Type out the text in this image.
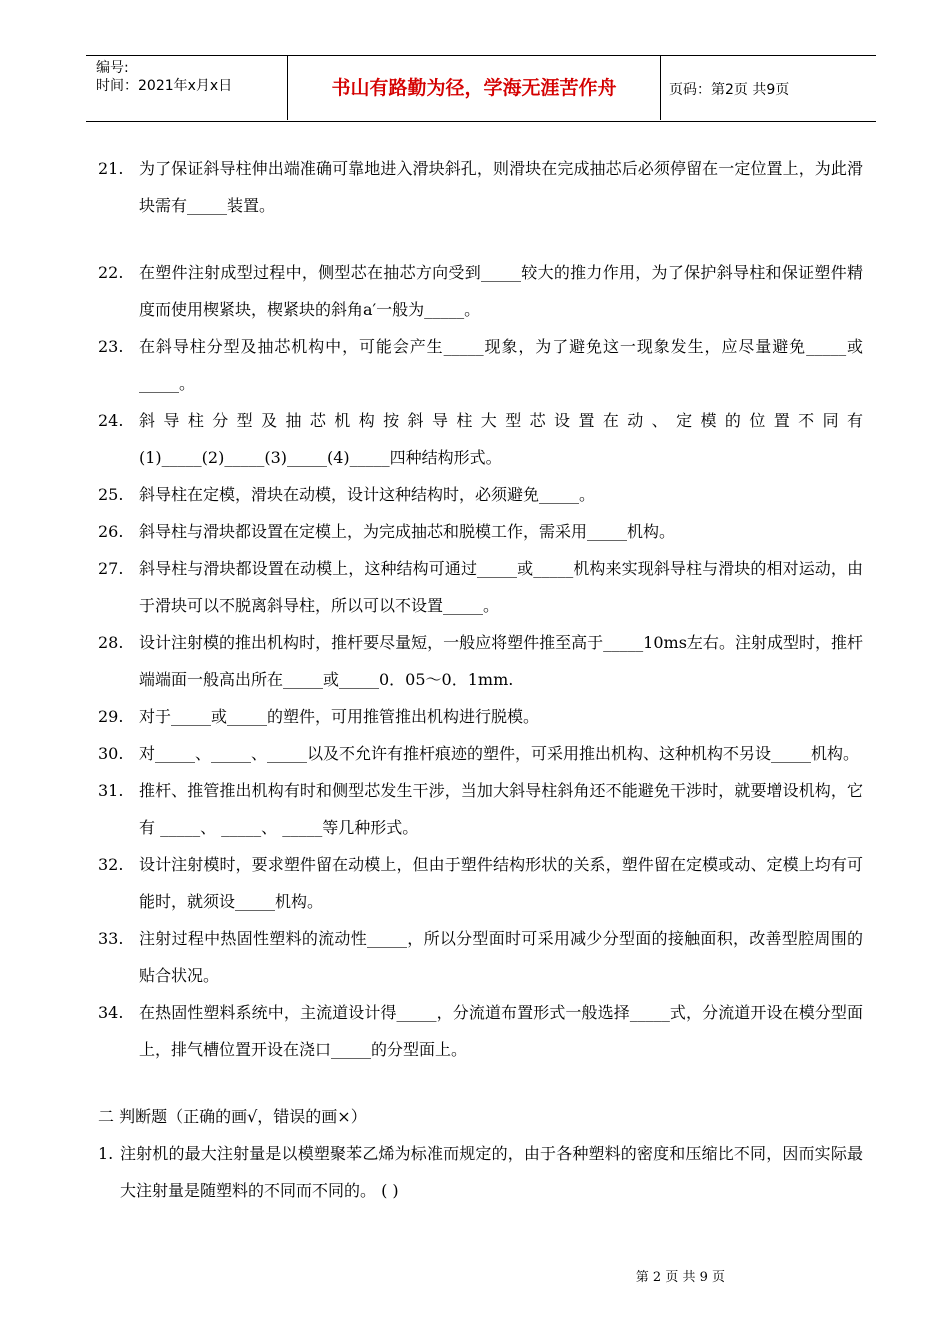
编号:
时间：2021年x月x日	书山有路勤为径，学海无涯苦作舟	页码：第2页 共9页
21. 为了保证斜导柱伸出端准确可靠地进入滑块斜孔，则滑块在完成抽芯后必须停留在一定位置上，为此滑块需有_____装置。
22. 在塑件注射成型过程中，侧型芯在抽芯方向受到_____较大的推力作用，为了保护斜导柱和保证塑件精度而使用楔紧块，楔紧块的斜角a′一般为_____。
23. 在斜导柱分型及抽芯机构中，可能会产生_____现象，为了避免这一现象发生，应尽量避免_____或_____。
24. 斜导柱分型及抽芯机构按斜导柱大型芯设置在动、定模的位置不同有(1)_____(2)_____(3)_____(4)_____四种结构形式。
25. 斜导柱在定模，滑块在动模，设计这种结构时，必须避免_____。
26. 斜导柱与滑块都设置在定模上，为完成抽芯和脱模工作，需采用_____机构。
27. 斜导柱与滑块都设置在动模上，这种结构可通过_____或_____机构来实现斜导柱与滑块的相对运动，由于滑块可以不脱离斜导柱，所以可以不设置_____。
28. 设计注射模的推出机构时，推杆要尽量短，一般应将塑件推至高于_____10ms左右。注射成型时，推杆端端面一般高出所在_____或_____0．05～0．1mm.
29. 对于_____或_____的塑件，可用推管推出机构进行脱模。
30. 对_____、_____、_____以及不允许有推杆痕迹的塑件，可采用推出机构、这种机构不另设_____机构。
31. 推杆、推管推出机构有时和侧型芯发生干涉，当加大斜导柱斜角还不能避免干涉时，就要增设机构，它有 _____、 _____、 _____等几种形式。
32. 设计注射模时，要求塑件留在动模上，但由于塑件结构形状的关系，塑件留在定模或动、定模上均有可能时，就须设_____机构。
33. 注射过程中热固性塑料的流动性_____，所以分型面时可采用减少分型面的接触面积，改善型腔周围的贴合状况。
34. 在热固性塑料系统中，主流道设计得_____，分流道布置形式一般选择_____式，分流道开设在模分型面上，排气槽位置开设在浇口_____的分型面上。
二 判断题（正确的画√，错误的画×）
1. 注射机的最大注射量是以模塑聚苯乙烯为标准而规定的，由于各种塑料的密度和压缩比不同，因而实际最大注射量是随塑料的不同而不同的。 ( )
第 2 页 共 9 页
